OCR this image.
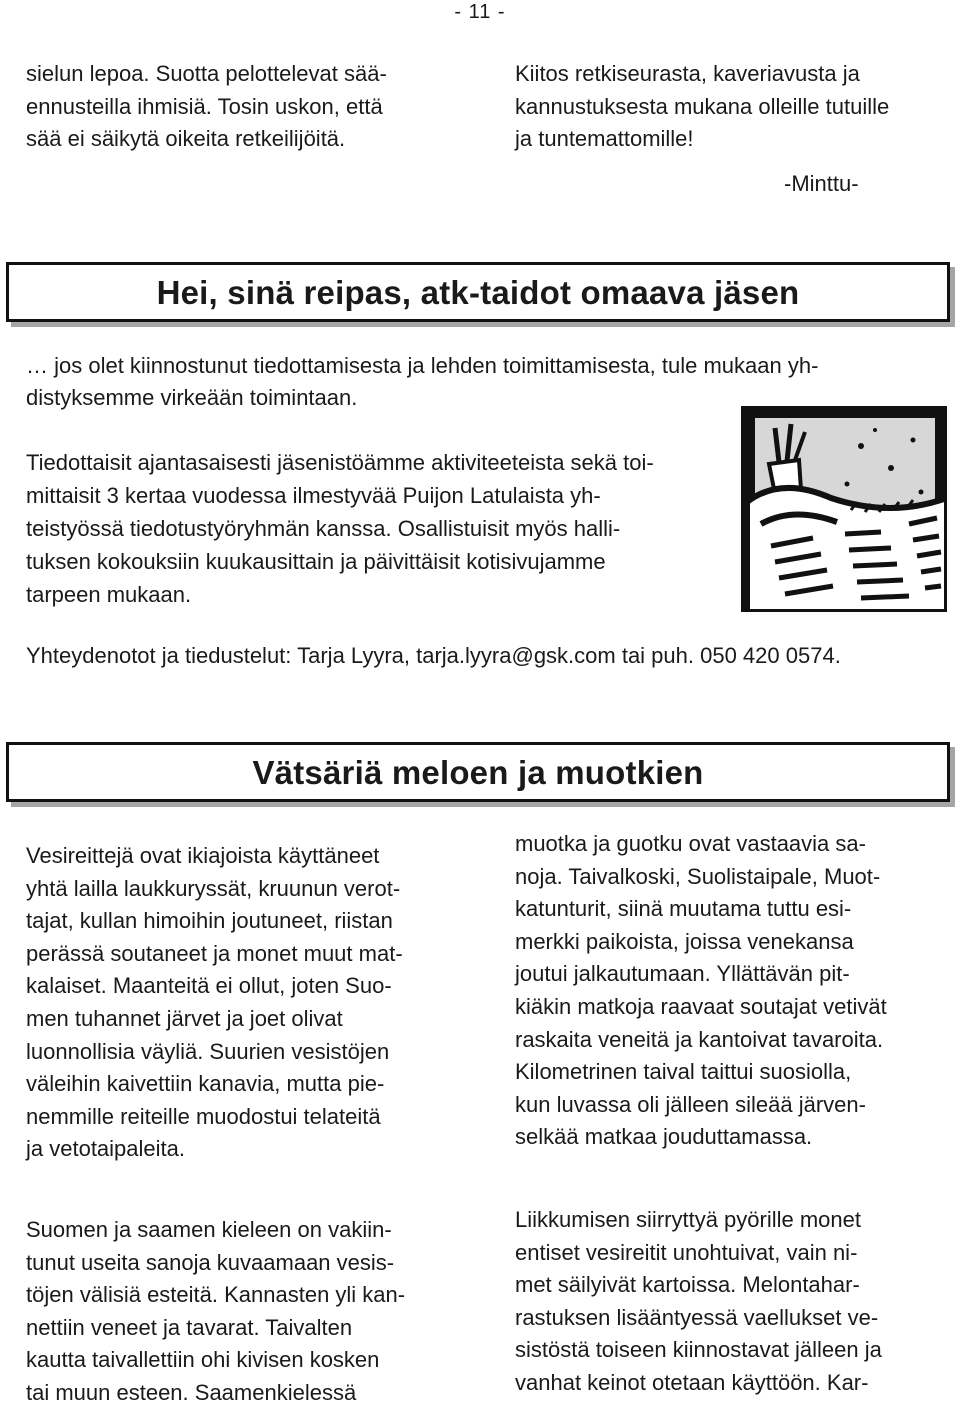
- 11 -

sielun lepoa. Suotta pelottelevat sää-
ennusteilla ihmisiä. Tosin uskon, että
sää ei säikytä oikeita retkeilijöitä.

Kiitos retkiseurasta, kaveriavusta ja
kannustuksesta mukana olleille tutuille
ja tuntemattomille!

-Minttu-
Hei, sinä reipas, atk-taidot omaava jäsen

… jos olet kiinnostunut tiedottamisesta ja lehden toimittamisesta, tule mukaan yh-
distyksemme virkeään toimintaan.

Tiedottaisit ajantasaisesti jäsenistöämme aktiviteeteista sekä toi-
mittaisit 3 kertaa vuodessa ilmestyvää Puijon Latulaista yh-
teistyössä tiedotustyöryhmän kanssa. Osallistuisit myös halli-
tuksen kokouksiin kuukausittain ja päivittäisit kotisivujamme
tarpeen mukaan.

Yhteydenotot ja tiedustelut: Tarja Lyyra, tarja.lyyra@gsk.com tai puh. 050 420 0574.

Vätsäriä meloen ja muotkien

Vesireittejä ovat ikiajoista käyttäneet
yhtä lailla laukkuryssät, kruunun verot-
tajat, kullan himoihin joutuneet, riistan
perässä soutaneet ja monet muut mat-
kalaiset. Maanteitä ei ollut, joten Suo-
men tuhannet järvet ja joet olivat
luonnollisia väyliä. Suurien vesistöjen
väleihin kaivettiin kanavia, mutta pie-
nemmille reiteille muodostui telateitä
ja vetotaipaleita.

Suomen ja saamen kieleen on vakiin-
tunut useita sanoja kuvaamaan vesis-
töjen välisiä esteitä. Kannasten yli kan-
nettiin veneet ja tavarat. Taivalten
kautta taivallettiin ohi kivisen kosken
tai muun esteen. Saamenkielessä

muotka ja guotku ovat vastaavia sa-
noja. Taivalkoski, Suolistaipale, Muot-
katunturit, siinä muutama tuttu esi-
merkki paikoista, joissa venekansa
joutui jalkautumaan. Yllättävän pit-
kiäkin matkoja raavaat soutajat vetivät
raskaita veneitä ja kantoivat tavaroita.
Kilometrinen taival taittui suosiolla,
kun luvassa oli jälleen sileää järven-
selkää matkaa jouduttamassa.

Liikkumisen siirryttyä pyörille monet
entiset vesireitit unohtuivat, vain ni-
met säilyivät kartoissa. Melontahar-
rastuksen lisääntyessä vaellukset ve-
sistöstä toiseen kiinnostavat jälleen ja
vanhat keinot otetaan käyttöön. Kar-
